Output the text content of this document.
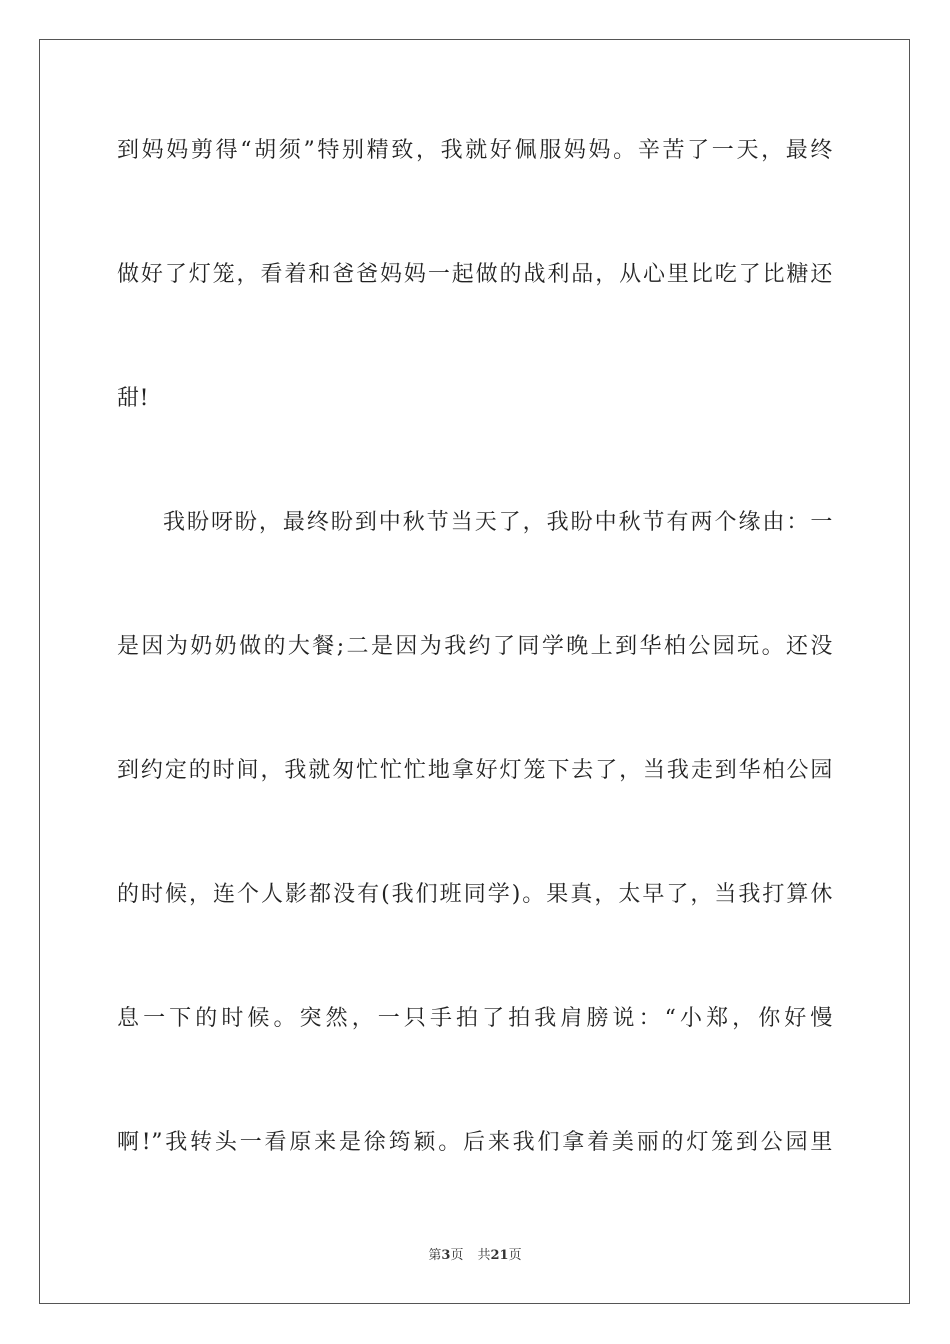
到妈妈剪得“胡须”特别精致，我就好佩服妈妈。辛苦了一天，最终
做好了灯笼，看着和爸爸妈妈一起做的战利品，从心里比吃了比糖还
甜!
我盼呀盼，最终盼到中秋节当天了，我盼中秋节有两个缘由：一
是因为奶奶做的大餐;二是因为我约了同学晚上到华柏公园玩。还没
到约定的时间，我就匆忙忙忙地拿好灯笼下去了，当我走到华柏公园
的时候，连个人影都没有(我们班同学)。果真，太早了，当我打算休
息一下的时候。突然，一只手拍了拍我肩膀说：“小郑，你好慢
啊!”我转头一看原来是徐筠颖。后来我们拿着美丽的灯笼到公园里
第3页 共21页
